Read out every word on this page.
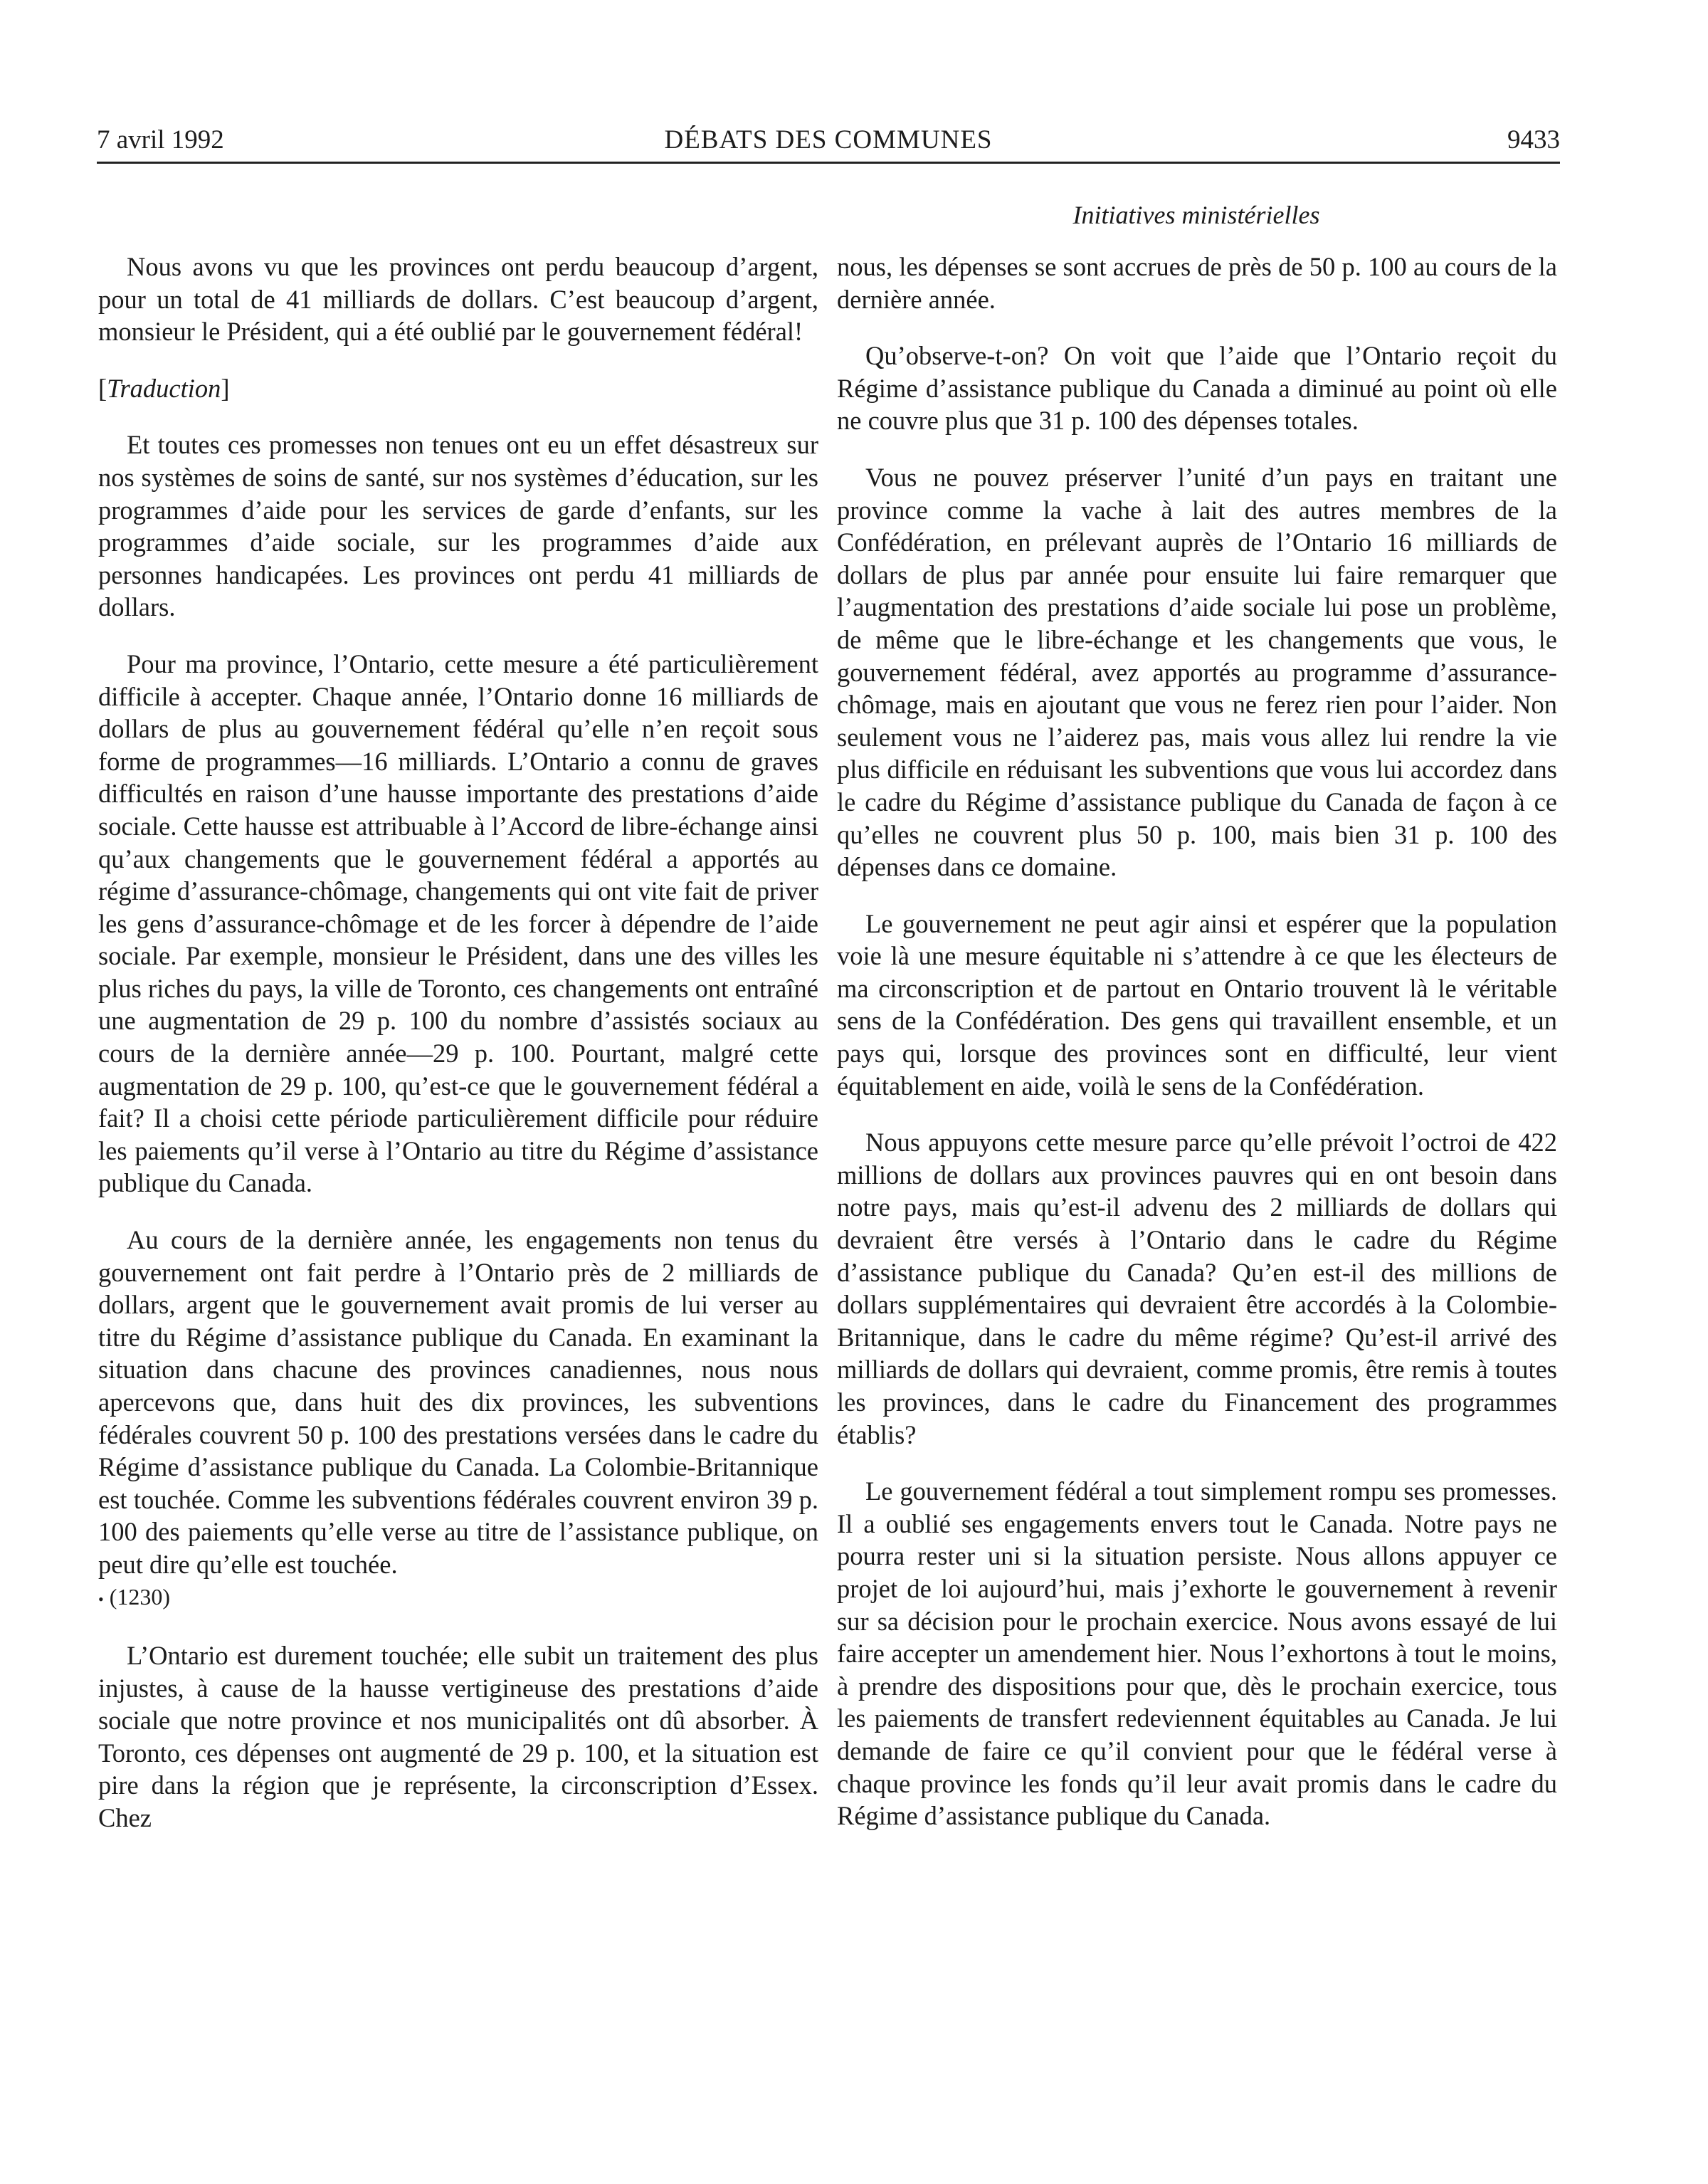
7 avril 1992	DÉBATS DES COMMUNES	9433
Initiatives ministérielles

Nous avons vu que les provinces ont perdu beaucoup d’argent, pour un total de 41 milliards de dollars. C’est beaucoup d’argent, monsieur le Président, qui a été oublié par le gouvernement fédéral!

[Traduction]

Et toutes ces promesses non tenues ont eu un effet désastreux sur nos systèmes de soins de santé, sur nos systèmes d’éducation, sur les programmes d’aide pour les services de garde d’enfants, sur les programmes d’aide sociale, sur les programmes d’aide aux personnes handicapées. Les provinces ont perdu 41 milliards de dollars.

Pour ma province, l’Ontario, cette mesure a été particulièrement difficile à accepter. Chaque année, l’Ontario donne 16 milliards de dollars de plus au gouvernement fédéral qu’elle n’en reçoit sous forme de programmes—16 milliards. L’Ontario a connu de graves difficultés en raison d’une hausse importante des prestations d’aide sociale. Cette hausse est attribuable à l’Accord de libre-échange ainsi qu’aux changements que le gouvernement fédéral a apportés au régime d’assurance-chômage, changements qui ont vite fait de priver les gens d’assurance-chômage et de les forcer à dépendre de l’aide sociale. Par exemple, monsieur le Président, dans une des villes les plus riches du pays, la ville de Toronto, ces changements ont entraîné une augmentation de 29 p. 100 du nombre d’assistés sociaux au cours de la dernière année—29 p. 100. Pourtant, malgré cette augmentation de 29 p. 100, qu’est-ce que le gouvernement fédéral a fait? Il a choisi cette période particulièrement difficile pour réduire les paiements qu’il verse à l’Ontario au titre du Régime d’assistance publique du Canada.

Au cours de la dernière année, les engagements non tenus du gouvernement ont fait perdre à l’Ontario près de 2 milliards de dollars, argent que le gouvernement avait promis de lui verser au titre du Régime d’assistance publique du Canada. En examinant la situation dans chacune des provinces canadiennes, nous nous apercevons que, dans huit des dix provinces, les subventions fédérales couvrent 50 p. 100 des prestations versées dans le cadre du Régime d’assistance publique du Canada. La Colombie-Britannique est touchée. Comme les subventions fédérales couvrent environ 39 p. 100 des paiements qu’elle verse au titre de l’assistance publique, on peut dire qu’elle est touchée.

• (1230)

L’Ontario est durement touchée; elle subit un traitement des plus injustes, à cause de la hausse vertigineuse des prestations d’aide sociale que notre province et nos municipalités ont dû absorber. À Toronto, ces dépenses ont augmenté de 29 p. 100, et la situation est pire dans la région que je représente, la circonscription d’Essex. Chez

nous, les dépenses se sont accrues de près de 50 p. 100 au cours de la dernière année.

Qu’observe-t-on? On voit que l’aide que l’Ontario reçoit du Régime d’assistance publique du Canada a diminué au point où elle ne couvre plus que 31 p. 100 des dépenses totales.

Vous ne pouvez préserver l’unité d’un pays en traitant une province comme la vache à lait des autres membres de la Confédération, en prélevant auprès de l’Ontario 16 milliards de dollars de plus par année pour ensuite lui faire remarquer que l’augmentation des prestations d’aide sociale lui pose un problème, de même que le libre-échange et les changements que vous, le gouvernement fédéral, avez apportés au programme d’assurance-chômage, mais en ajoutant que vous ne ferez rien pour l’aider. Non seulement vous ne l’aiderez pas, mais vous allez lui rendre la vie plus difficile en réduisant les subventions que vous lui accordez dans le cadre du Régime d’assistance publique du Canada de façon à ce qu’elles ne couvrent plus 50 p. 100, mais bien 31 p. 100 des dépenses dans ce domaine.

Le gouvernement ne peut agir ainsi et espérer que la population voie là une mesure équitable ni s’attendre à ce que les électeurs de ma circonscription et de partout en Ontario trouvent là le véritable sens de la Confédération. Des gens qui travaillent ensemble, et un pays qui, lorsque des provinces sont en difficulté, leur vient équitablement en aide, voilà le sens de la Confédération.

Nous appuyons cette mesure parce qu’elle prévoit l’octroi de 422 millions de dollars aux provinces pauvres qui en ont besoin dans notre pays, mais qu’est-il advenu des 2 milliards de dollars qui devraient être versés à l’Ontario dans le cadre du Régime d’assistance publique du Canada? Qu’en est-il des millions de dollars supplémentaires qui devraient être accordés à la Colombie-Britannique, dans le cadre du même régime? Qu’est-il arrivé des milliards de dollars qui devraient, comme promis, être remis à toutes les provinces, dans le cadre du Financement des programmes établis?

Le gouvernement fédéral a tout simplement rompu ses promesses. Il a oublié ses engagements envers tout le Canada. Notre pays ne pourra rester uni si la situation persiste. Nous allons appuyer ce projet de loi aujourd’hui, mais j’exhorte le gouvernement à revenir sur sa décision pour le prochain exercice. Nous avons essayé de lui faire accepter un amendement hier. Nous l’exhortons à tout le moins, à prendre des dispositions pour que, dès le prochain exercice, tous les paiements de transfert redeviennent équitables au Canada. Je lui demande de faire ce qu’il convient pour que le fédéral verse à chaque province les fonds qu’il leur avait promis dans le cadre du Régime d’assistance publique du Canada.
